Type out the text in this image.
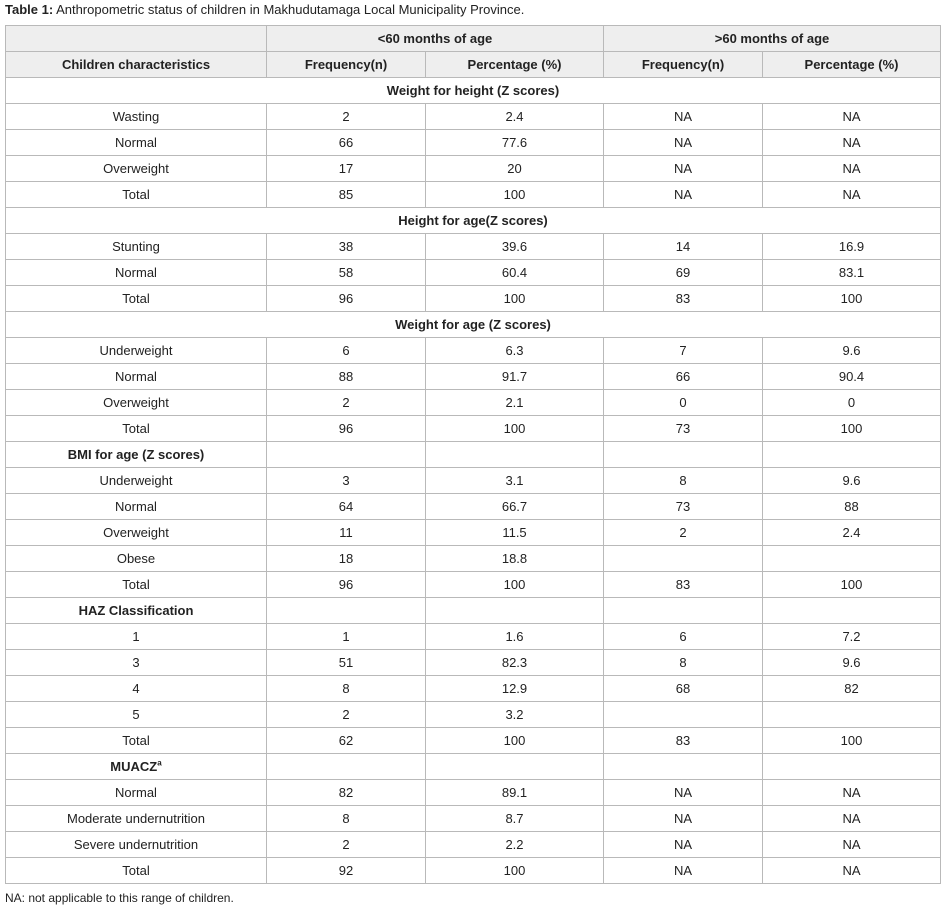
Table 1: Anthropometric status of children in Makhudutamaga Local Municipality Province.
	<60 months of age		>60 months of age	
Children characteristics	Frequency(n)	Percentage (%)	Frequency(n)	Percentage (%)
Weight for height (Z scores)				
Wasting	2	2.4	NA	NA
Normal	66	77.6	NA	NA
Overweight	17	20	NA	NA
Total	85	100	NA	NA
Height for age(Z scores)				
Stunting	38	39.6	14	16.9
Normal	58	60.4	69	83.1
Total	96	100	83	100
Weight for age (Z scores)				
Underweight	6	6.3	7	9.6
Normal	88	91.7	66	90.4
Overweight	2	2.1	0	0
Total	96	100	73	100
BMI for age (Z scores)				
Underweight	3	3.1	8	9.6
Normal	64	66.7	73	88
Overweight	11	11.5	2	2.4
Obese	18	18.8		
Total	96	100	83	100
HAZ Classification				
1	1	1.6	6	7.2
3	51	82.3	8	9.6
4	8	12.9	68	82
5	2	3.2		
Total	62	100	83	100
MUACZ$^a$				
Normal	82	89.1	NA	NA
Moderate undernutrition	8	8.7	NA	NA
Severe undernutrition	2	2.2	NA	NA
Total	92	100	NA	NA
NA: not applicable to this range of children.
